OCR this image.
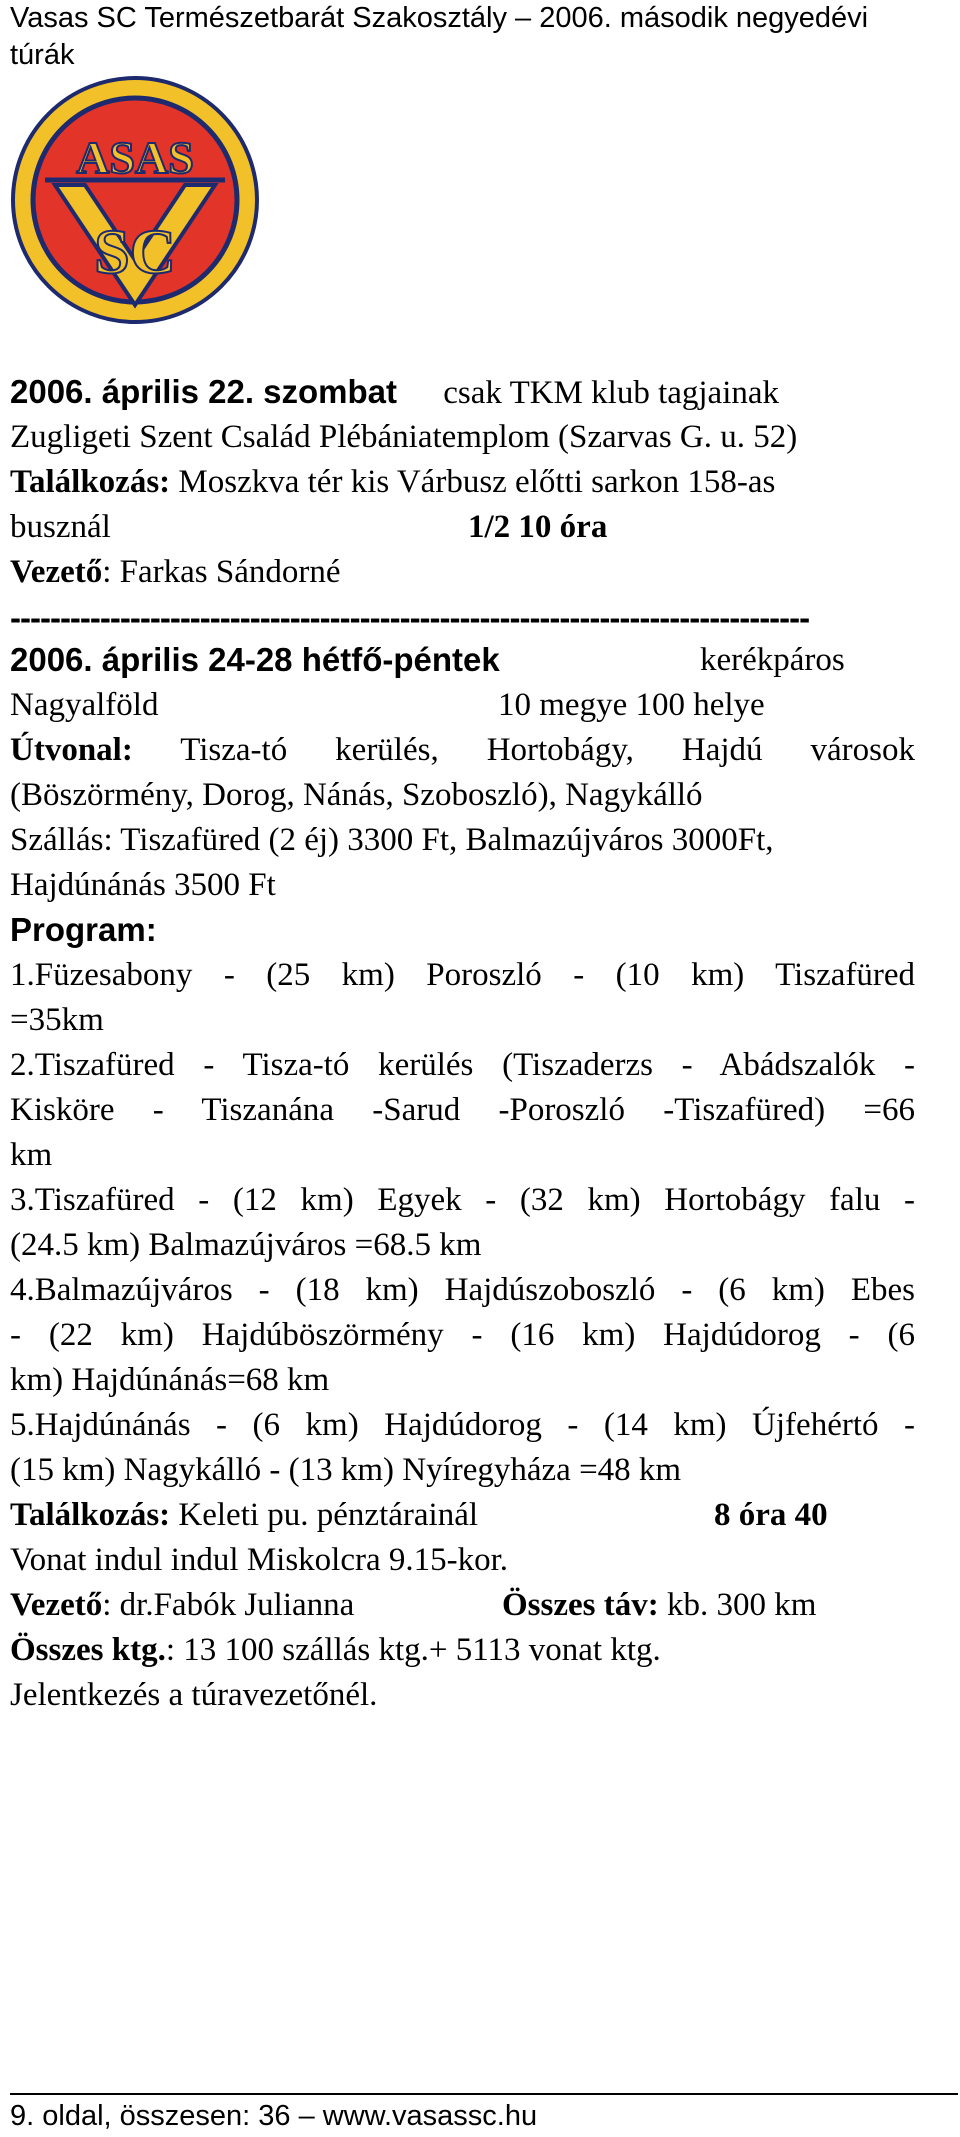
Vasas SC Természetbarát Szakosztály – 2006. második negyedévi túrák
ASAS
SC
2006. április 22. szombat csak TKM klub tagjainak
Zugligeti Szent Család Plébániatemplom (Szarvas G. u. 52)
Találkozás: Moszkva tér kis Várbusz előtti sarkon 158-as
busznál	1/2 10 óra
Vezető: Farkas Sándorné
--------------------------------------------------------------------------------
2006. április 24-28 hétfő-péntek	kerékpáros
Nagyalföld	10 megye 100 helye
Útvonal: Tisza-tó kerülés, Hortobágy, Hajdú városok
(Böszörmény, Dorog, Nánás, Szoboszló), Nagykálló
Szállás: Tiszafüred (2 éj) 3300 Ft, Balmazújváros 3000Ft,
Hajdúnánás 3500 Ft
Program:
1.Füzesabony - (25 km) Poroszló - (10 km) Tiszafüred
=35km
2.Tiszafüred - Tisza-tó kerülés (Tiszaderzs - Abádszalók -
Kisköre - Tiszanána -Sarud -Poroszló -Tiszafüred) =66
km
3.Tiszafüred - (12 km) Egyek - (32 km) Hortobágy falu -
(24.5 km) Balmazújváros =68.5 km
4.Balmazújváros - (18 km) Hajdúszoboszló - (6 km) Ebes
- (22 km) Hajdúböszörmény - (16 km) Hajdúdorog - (6
km) Hajdúnánás=68 km
5.Hajdúnánás - (6 km) Hajdúdorog - (14 km) Újfehértó -
(15 km) Nagykálló - (13 km) Nyíregyháza =48 km
Találkozás: Keleti pu. pénztárainál	8 óra 40
Vonat indul indul Miskolcra 9.15-kor.
Vezető: dr.Fabók Julianna	Összes táv: kb. 300 km
Összes ktg.: 13 100 szállás ktg.+ 5113 vonat ktg.
Jelentkezés a túravezetőnél.
9. oldal, összesen: 36 – www.vasassc.hu
